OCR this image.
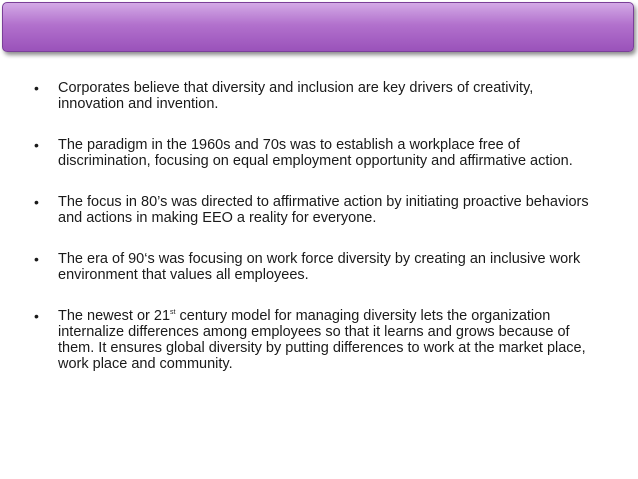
• Corporates believe that diversity and inclusion are key drivers of creativity, innovation and invention.
• The paradigm in the 1960s and 70s was to establish a workplace free of discrimination, focusing on equal employment opportunity and affirmative action.
• The focus in 80’s was directed to affirmative action by initiating proactive behaviors and actions in making EEO a reality for everyone.
• The era of 90‘s was focusing on work force diversity by creating an inclusive work environment that values all employees.
• The newest or 21st century model for managing diversity lets the organization internalize differences among employees so that it learns and grows because of them. It ensures global diversity by putting differences to work at the market place, work place and community.
